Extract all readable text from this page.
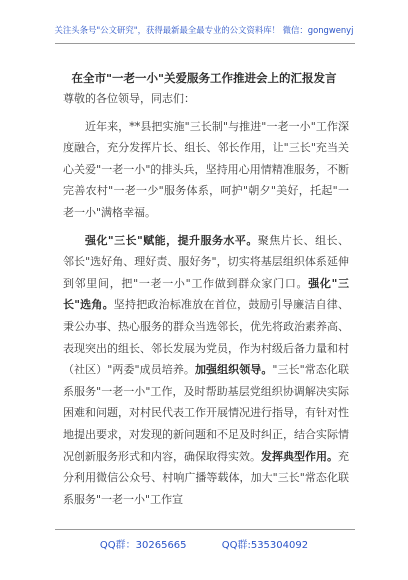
关注头条号"公文研究"，获得最新最全最专业的公文资料库！ 微信：gongwenyj
在全市"一老一小"关爱服务工作推进会上的汇报发言

尊敬的各位领导，同志们：

近年来，**县把实施"三长制"与推进"一老一小"工作深度融合，充分发挥片长、组长、邻长作用，让"三长"充当关心关爱"一老一小"的排头兵，坚持用心用情精准服务，不断完善农村"一老一少"服务体系，呵护"朝夕"美好，托起"一老一小"满格幸福。

强化"三长"赋能，提升服务水平。聚焦片长、组长、邻长"选好角、理好责、服好务"，切实将基层组织体系延伸到邻里间，把"一老一小"工作做到群众家门口。强化"三长"选角。坚持把政治标准放在首位，鼓励引导廉洁自律、秉公办事、热心服务的群众当选邻长，优先将政治素养高、表现突出的组长、邻长发展为党员，作为村级后备力量和村（社区）"两委"成员培养。加强组织领导。"三长"常态化联系服务"一老一小"工作，及时帮助基层党组织协调解决实际困难和问题，对村民代表工作开展情况进行指导，有针对性地提出要求，对发现的新问题和不足及时纠正，结合实际情况创新服务形式和内容，确保取得实效。发挥典型作用。充分利用微信公众号、村响广播等载体，加大"三长"常态化联系服务"一老一小"工作宣

QQ群：30265665	QQ群:535304092
